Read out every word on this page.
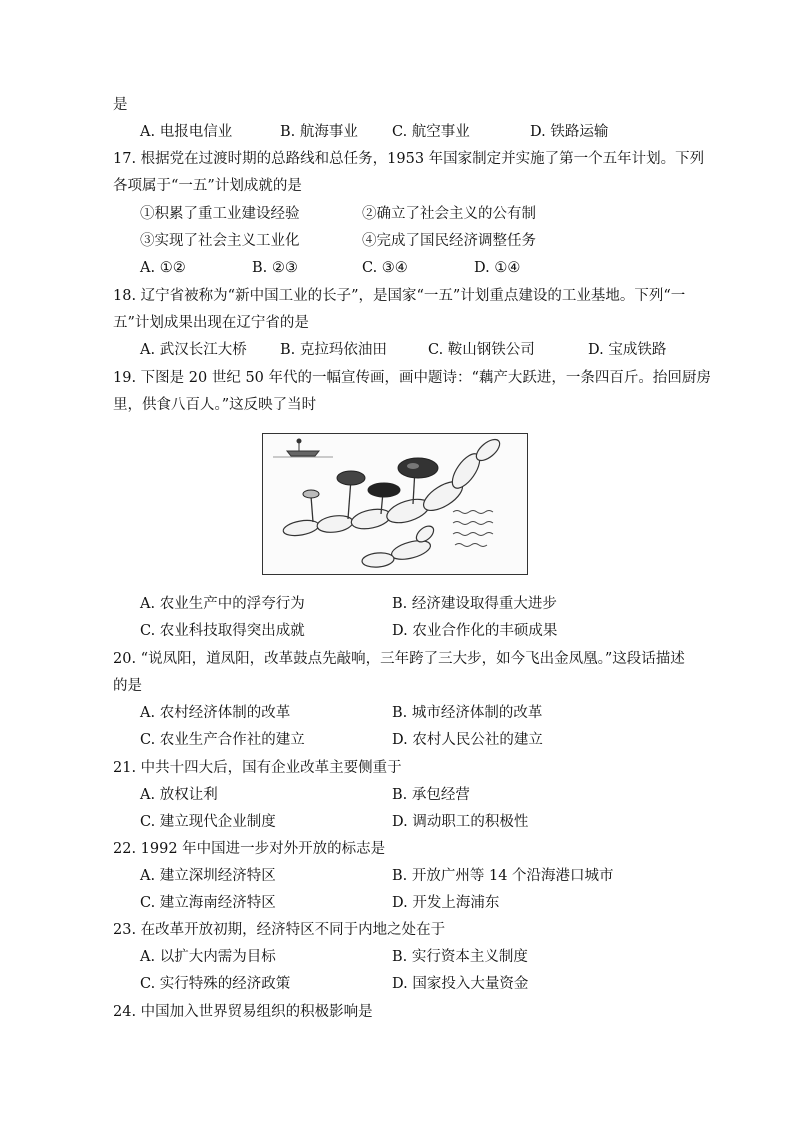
是
A. 电报电信业	B. 航海事业 C. 航空事业	D. 铁路运输
17. 根据党在过渡时期的总路线和总任务，1953 年国家制定并实施了第一个五年计划。下列
各项属于“一五”计划成就的是
①积累了重工业建设经验	②确立了社会主义的公有制
③实现了社会主义工业化	④完成了国民经济调整任务
A. ①②	B. ②③	C. ③④	D. ①④
18. 辽宁省被称为“新中国工业的长子”，是国家“一五”计划重点建设的工业基地。下列“一
五”计划成果出现在辽宁省的是
A. 武汉长江大桥 B. 克拉玛依油田	C. 鞍山钢铁公司	D. 宝成铁路
19. 下图是 20 世纪 50 年代的一幅宣传画，画中题诗：“藕产大跃进，一条四百斤。抬回厨房
里，供食八百人。”这反映了当时
A. 农业生产中的浮夸行为	B. 经济建设取得重大进步
C. 农业科技取得突出成就	D. 农业合作化的丰硕成果
20. “说凤阳，道凤阳，改革鼓点先敲响，三年跨了三大步，如今飞出金凤凰。”这段话描述
的是
A. 农村经济体制的改革	B. 城市经济体制的改革
C. 农业生产合作社的建立	D. 农村人民公社的建立
21. 中共十四大后，国有企业改革主要侧重于
A. 放权让利	B. 承包经营
C. 建立现代企业制度	D. 调动职工的积极性
22. 1992 年中国进一步对外开放的标志是
A. 建立深圳经济特区	B. 开放广州等 14 个沿海港口城市
C. 建立海南经济特区	D. 开发上海浦东
23. 在改革开放初期，经济特区不同于内地之处在于
A. 以扩大内需为目标	B. 实行资本主义制度
C. 实行特殊的经济政策	D. 国家投入大量资金
24. 中国加入世界贸易组织的积极影响是
